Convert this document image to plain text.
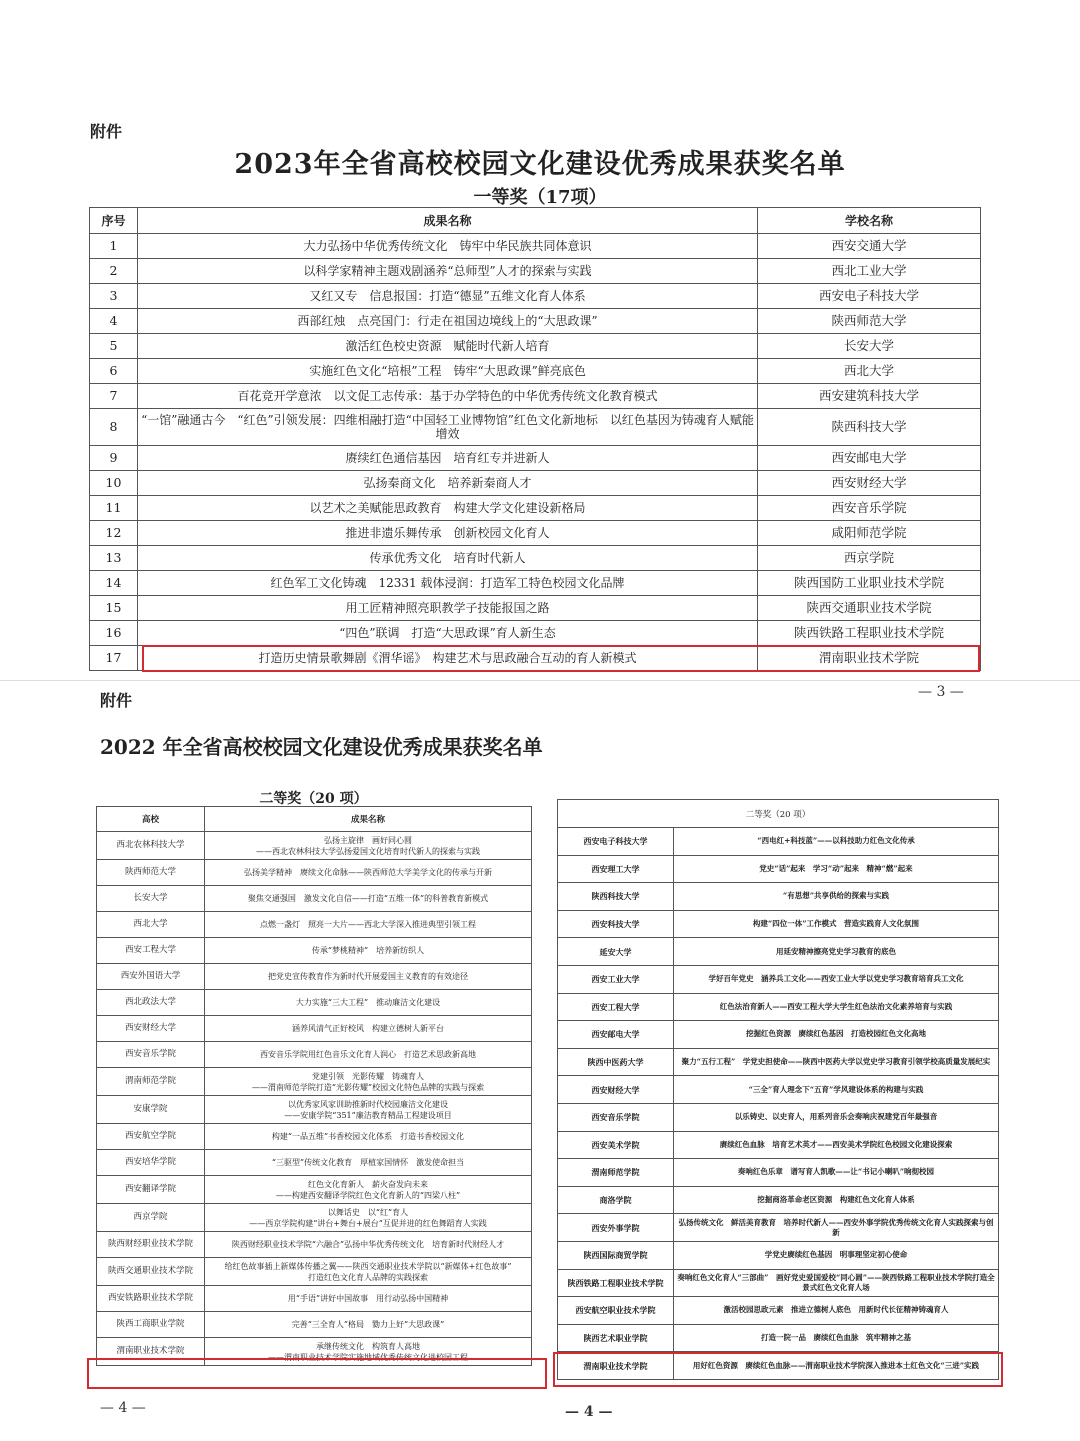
附件
2023年全省高校校园文化建设优秀成果获奖名单
一等奖（17项）
序号	成果名称	学校名称
1	大力弘扬中华优秀传统文化　铸牢中华民族共同体意识	西安交通大学
2	以科学家精神主题戏剧涵养“总师型”人才的探索与实践	西北工业大学
3	又红又专　信息报国：打造“德显”五维文化育人体系	西安电子科技大学
4	西部红烛　点亮国门：行走在祖国边境线上的“大思政课”	陕西师范大学
5	激活红色校史资源　赋能时代新人培育	长安大学
6	实施红色文化“培根”工程　铸牢“大思政课”鲜亮底色	西北大学
7	百花竞开学意浓　以文促工志传承：基于办学特色的中华优秀传统文化教育模式	西安建筑科技大学
8	“一馆”融通古今　“红色”引领发展：四维相融打造“中国轻工业博物馆”红色文化新地标　以红色基因为铸魂育人赋能增效	陕西科技大学
9	赓续红色通信基因　培育红专并进新人	西安邮电大学
10	弘扬秦商文化　培养新秦商人才	西安财经大学
11	以艺术之美赋能思政教育　构建大学文化建设新格局	西安音乐学院
12	推进非遗乐舞传承　创新校园文化育人	咸阳师范学院
13	传承优秀文化　培育时代新人	西京学院
14	红色军工文化铸魂　12331 载体浸润：打造军工特色校园文化品牌	陕西国防工业职业技术学院
15	用工匠精神照亮职教学子技能报国之路	陕西交通职业技术学院
16	“四色”联调　打造“大思政课”育人新生态	陕西铁路工程职业技术学院
17	打造历史情景歌舞剧《渭华谣》　构建艺术与思政融合互动的育人新模式	渭南职业技术学院
— 3 —
附件
2022 年全省高校校园文化建设优秀成果获奖名单
二等奖（20 项）
高校	成果名称
西北农林科技大学	弘扬主旋律　画好同心圆
——西北农林科技大学弘扬爱国文化培育时代新人的探索与实践

陕西师范大学	弘扬美学精神　赓续文化命脉——陕西师范大学美学文化的传承与开新

长安大学	聚焦交通强国　激发文化自信——打造“五维一体”的科普教育新模式

西北大学	点燃一盏灯　照亮一大片——西北大学深入推进典型引领工程

西安工程大学	传承“梦桃精神”　培养新纺织人

西安外国语大学	把党史宣传教育作为新时代开展爱国主义教育的有效途径

西北政法大学	大力实施“三大工程”　推动廉洁文化建设

西安财经大学	涵养风清气正好校风　构建立德树人新平台

西安音乐学院	西安音乐学院用红色音乐文化育人润心　打造艺术思政新高地

渭南师范学院	党建引领　光影传耀　铸魂育人
——渭南师范学院打造“光影传耀”校园文化特色品牌的实践与探索

安康学院	以优秀家风家训助推新时代校园廉洁文化建设
——安康学院“351”廉洁教育精品工程建设项目

西安航空学院	构建“一品五维”书香校园文化体系　打造书香校园文化

西安培华学院	“三驱型”传统文化教育　厚植家国情怀　激发使命担当

西安翻译学院	红色文化育新人　薪火奋发向未来
——构建西安翻译学院红色文化育新人的“四梁八柱”

西京学院	以舞话史　以“红”育人
——西京学院构建“讲台+舞台+展台”互促并进的红色舞蹈育人实践

陕西财经职业技术学院	陕西财经职业技术学院“六融合”弘扬中华优秀传统文化　培育新时代财经人才

陕西交通职业技术学院	给红色故事插上新媒体传播之翼——陕西交通职业技术学院以“新媒体+红色故事”
打造红色文化育人品牌的实践探索

西安铁路职业技术学院	用“手语”讲好中国故事　用行动弘扬中国精神

陕西工商职业学院	完善“三全育人”格局　勠力上好“大思政课”

渭南职业技术学院	承继传统文化　构筑育人高地
——渭南职业技术学院实施地域优秀传统文化进校园工程
— 4 —
二等奖（20 项）	
西安电子科技大学	“西电红+科技蓝”——以科技助力红色文化传承
西安理工大学	党史“话”起来　学习“动”起来　精神“燃”起来
陕西科技大学	“有思想”共享供给的探索与实践
西安科技大学	构建“四位一体”工作模式　营造实践育人文化氛围
延安大学	用延安精神擦亮党史学习教育的底色
西安工业大学	学好百年党史　涵养兵工文化——西安工业大学以党史学习教育培育兵工文化
西安工程大学	红色法治育新人——西安工程大学大学生红色法治文化素养培育与实践
西安邮电大学	挖掘红色资源　赓续红色基因　打造校园红色文化高地
陕西中医药大学	聚力“五行工程”　学党史担使命——陕西中医药大学以党史学习教育引领学校高质量发展纪实
西安财经大学	“三全”育人理念下“五育”学风建设体系的构建与实践
西安音乐学院	以乐铸史、以史育人，用系列音乐会奏响庆祝建党百年最强音
西安美术学院	赓续红色血脉　培育艺术英才——西安美术学院红色校园文化建设探索
渭南师范学院	奏响红色乐章　谱写育人凯歌——让“书记小喇叭”响彻校园
商洛学院	挖掘商洛革命老区资源　构建红色文化育人体系
西安外事学院	弘扬传统文化　鲜活美育教育　培养时代新人——西安外事学院优秀传统文化育人实践探索与创新
陕西国际商贸学院	学党史赓续红色基因　明事理坚定初心使命
陕西铁路工程职业技术学院	奏响红色文化育人“三部曲”　画好党史爱国爱校“同心圆”——陕西铁路工程职业技术学院打造全景式红色文化育人场
西安航空职业技术学院	激活校园思政元素　推进立德树人底色　用新时代长征精神铸魂育人
陕西艺术职业学院	打造一院一品　赓续红色血脉　筑牢精神之基
渭南职业技术学院	用好红色资源　赓续红色血脉——渭南职业技术学院深入推进本土红色文化“三进”实践
— 4 —
